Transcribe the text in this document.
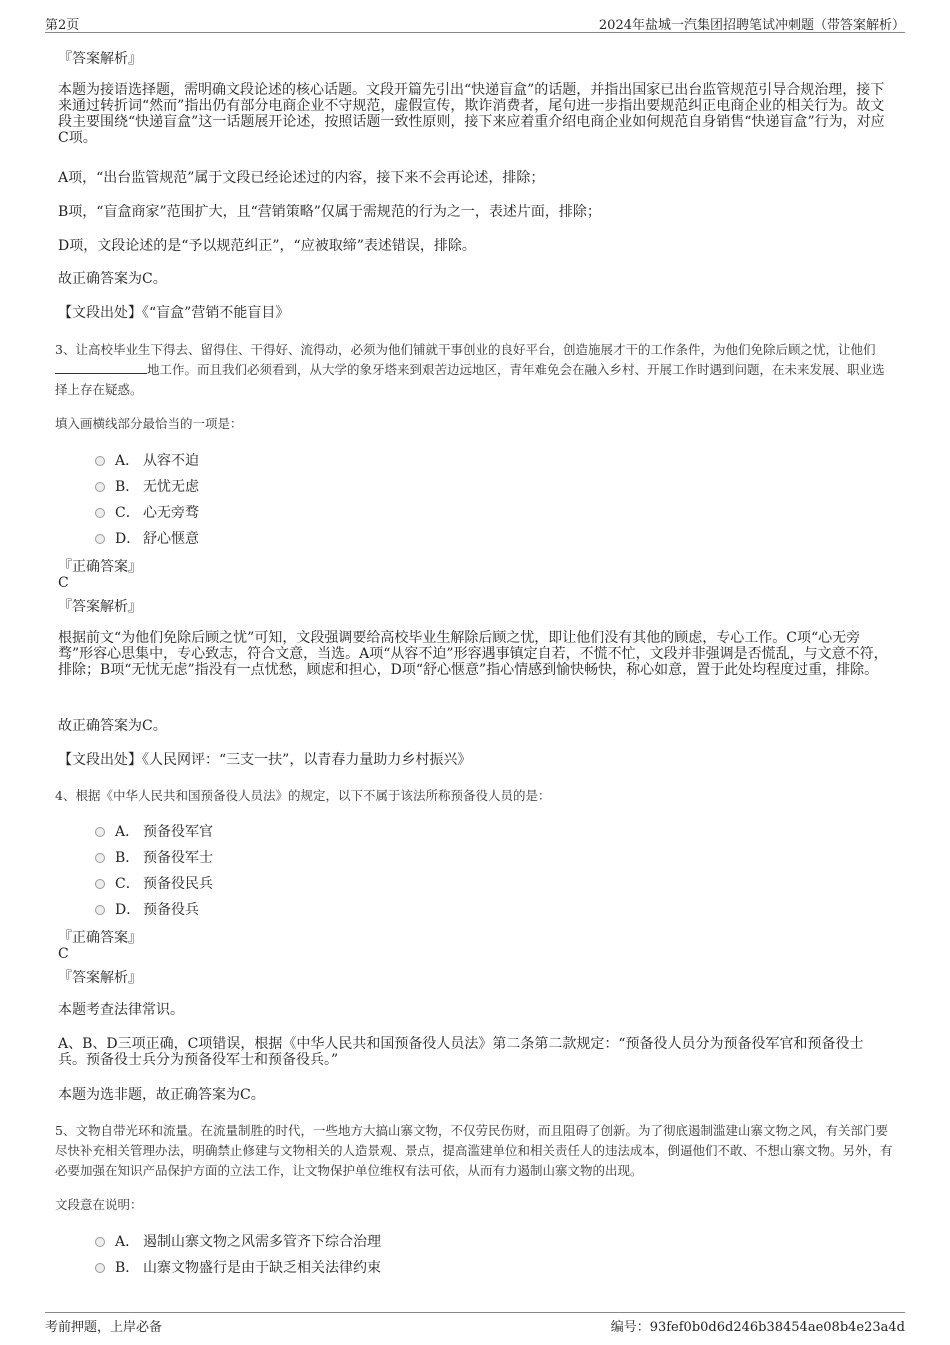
第2页	2024年盐城一汽集团招聘笔试冲刺题（带答案解析）
『答案解析』
本题为接语选择题，需明确文段论述的核心话题。文段开篇先引出“快递盲盒”的话题，并指出国家已出台监管规范引导合规治理，接下来通过转折词“然而”指出仍有部分电商企业不守规范，虚假宣传，欺诈消费者，尾句进一步指出要规范纠正电商企业的相关行为。故文段主要围绕“快递盲盒”这一话题展开论述，按照话题一致性原则，接下来应着重介绍电商企业如何规范自身销售“快递盲盒”行为，对应C项。
A项，“出台监管规范”属于文段已经论述过的内容，接下来不会再论述，排除；
B项，“盲盒商家”范围扩大，且“营销策略”仅属于需规范的行为之一，表述片面，排除；
D项，文段论述的是“予以规范纠正”，“应被取缔”表述错误，排除。
故正确答案为C。
【文段出处】《“盲盒”营销不能盲目》
3、让高校毕业生下得去、留得住、干得好、流得动，必须为他们铺就干事创业的良好平台，创造施展才干的工作条件，为他们免除后顾之忧，让他们地工作。而且我们必须看到，从大学的象牙塔来到艰苦边远地区，青年难免会在融入乡村、开展工作时遇到问题，在未来发展、职业选择上存在疑惑。
填入画横线部分最恰当的一项是：
A． 从容不迫
B． 无忧无虑
C． 心无旁骛
D． 舒心惬意
『正确答案』
C
『答案解析』
根据前文“为他们免除后顾之忧”可知，文段强调要给高校毕业生解除后顾之忧，即让他们没有其他的顾虑，专心工作。C项“心无旁骛”形容心思集中，专心致志，符合文意，当选。A项“从容不迫”形容遇事镇定自若，不慌不忙，文段并非强调是否慌乱，与文意不符，排除；B项“无忧无虑”指没有一点忧愁，顾虑和担心，D项“舒心惬意”指心情感到愉快畅快，称心如意，置于此处均程度过重，排除。
故正确答案为C。
【文段出处】《人民网评：“三支一扶”，以青春力量助力乡村振兴》
4、根据《中华人民共和国预备役人员法》的规定，以下不属于该法所称预备役人员的是：
A． 预备役军官
B． 预备役军士
C． 预备役民兵
D． 预备役兵
『正确答案』
C
『答案解析』
本题考查法律常识。
A、B、D三项正确，C项错误，根据《中华人民共和国预备役人员法》第二条第二款规定：“预备役人员分为预备役军官和预备役士兵。预备役士兵分为预备役军士和预备役兵。”
本题为选非题，故正确答案为C。
5、文物自带光环和流量。在流量制胜的时代，一些地方大搞山寨文物，不仅劳民伤财，而且阻碍了创新。为了彻底遏制滥建山寨文物之风，有关部门要尽快补充相关管理办法，明确禁止修建与文物相关的人造景观、景点，提高滥建单位和相关责任人的违法成本，倒逼他们不敢、不想山寨文物。另外，有必要加强在知识产品保护方面的立法工作，让文物保护单位维权有法可依，从而有力遏制山寨文物的出现。
文段意在说明：
A． 遏制山寨文物之风需多管齐下综合治理
B． 山寨文物盛行是由于缺乏相关法律约束
考前押题，上岸必备	编号：93fef0b0d6d246b38454ae08b4e23a4d
